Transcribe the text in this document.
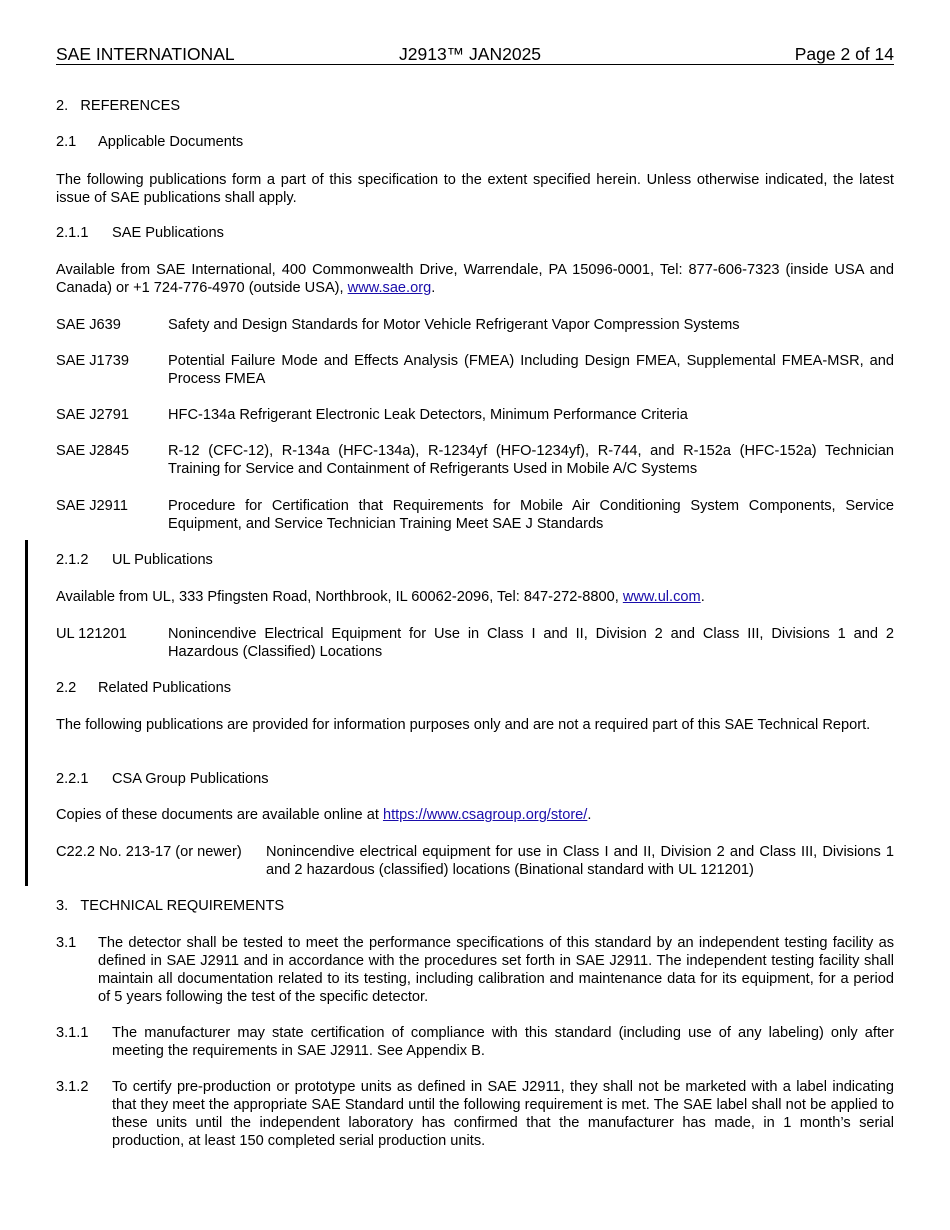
SAE INTERNATIONAL	J2913™ JAN2025	Page 2 of 14
2. REFERENCES
2.1 Applicable Documents
The following publications form a part of this specification to the extent specified herein. Unless otherwise indicated, the latest issue of SAE publications shall apply.
2.1.1 SAE Publications
Available from SAE International, 400 Commonwealth Drive, Warrendale, PA 15096-0001, Tel: 877-606-7323 (inside USA and Canada) or +1 724-776-4970 (outside USA), www.sae.org.
SAE J639	Safety and Design Standards for Motor Vehicle Refrigerant Vapor Compression Systems
SAE J1739	Potential Failure Mode and Effects Analysis (FMEA) Including Design FMEA, Supplemental FMEA-MSR, and Process FMEA
SAE J2791	HFC-134a Refrigerant Electronic Leak Detectors, Minimum Performance Criteria
SAE J2845	R-12 (CFC-12), R-134a (HFC-134a), R-1234yf (HFO-1234yf), R-744, and R-152a (HFC-152a) Technician Training for Service and Containment of Refrigerants Used in Mobile A/C Systems
SAE J2911	Procedure for Certification that Requirements for Mobile Air Conditioning System Components, Service Equipment, and Service Technician Training Meet SAE J Standards
2.1.2 UL Publications
Available from UL, 333 Pfingsten Road, Northbrook, IL 60062-2096, Tel: 847-272-8800, www.ul.com.
UL 121201	Nonincendive Electrical Equipment for Use in Class I and II, Division 2 and Class III, Divisions 1 and 2 Hazardous (Classified) Locations
2.2 Related Publications
The following publications are provided for information purposes only and are not a required part of this SAE Technical Report.
2.2.1 CSA Group Publications
Copies of these documents are available online at https://www.csagroup.org/store/.
C22.2 No. 213-17 (or newer) Nonincendive electrical equipment for use in Class I and II, Division 2 and Class III, Divisions 1 and 2 hazardous (classified) locations (Binational standard with UL 121201)
3. TECHNICAL REQUIREMENTS
3.1 The detector shall be tested to meet the performance specifications of this standard by an independent testing facility as defined in SAE J2911 and in accordance with the procedures set forth in SAE J2911. The independent testing facility shall maintain all documentation related to its testing, including calibration and maintenance data for its equipment, for a period of 5 years following the test of the specific detector.
3.1.1 The manufacturer may state certification of compliance with this standard (including use of any labeling) only after meeting the requirements in SAE J2911. See Appendix B.
3.1.2 To certify pre-production or prototype units as defined in SAE J2911, they shall not be marketed with a label indicating that they meet the appropriate SAE Standard until the following requirement is met. The SAE label shall not be applied to these units until the independent laboratory has confirmed that the manufacturer has made, in 1 month’s serial production, at least 150 completed serial production units.
